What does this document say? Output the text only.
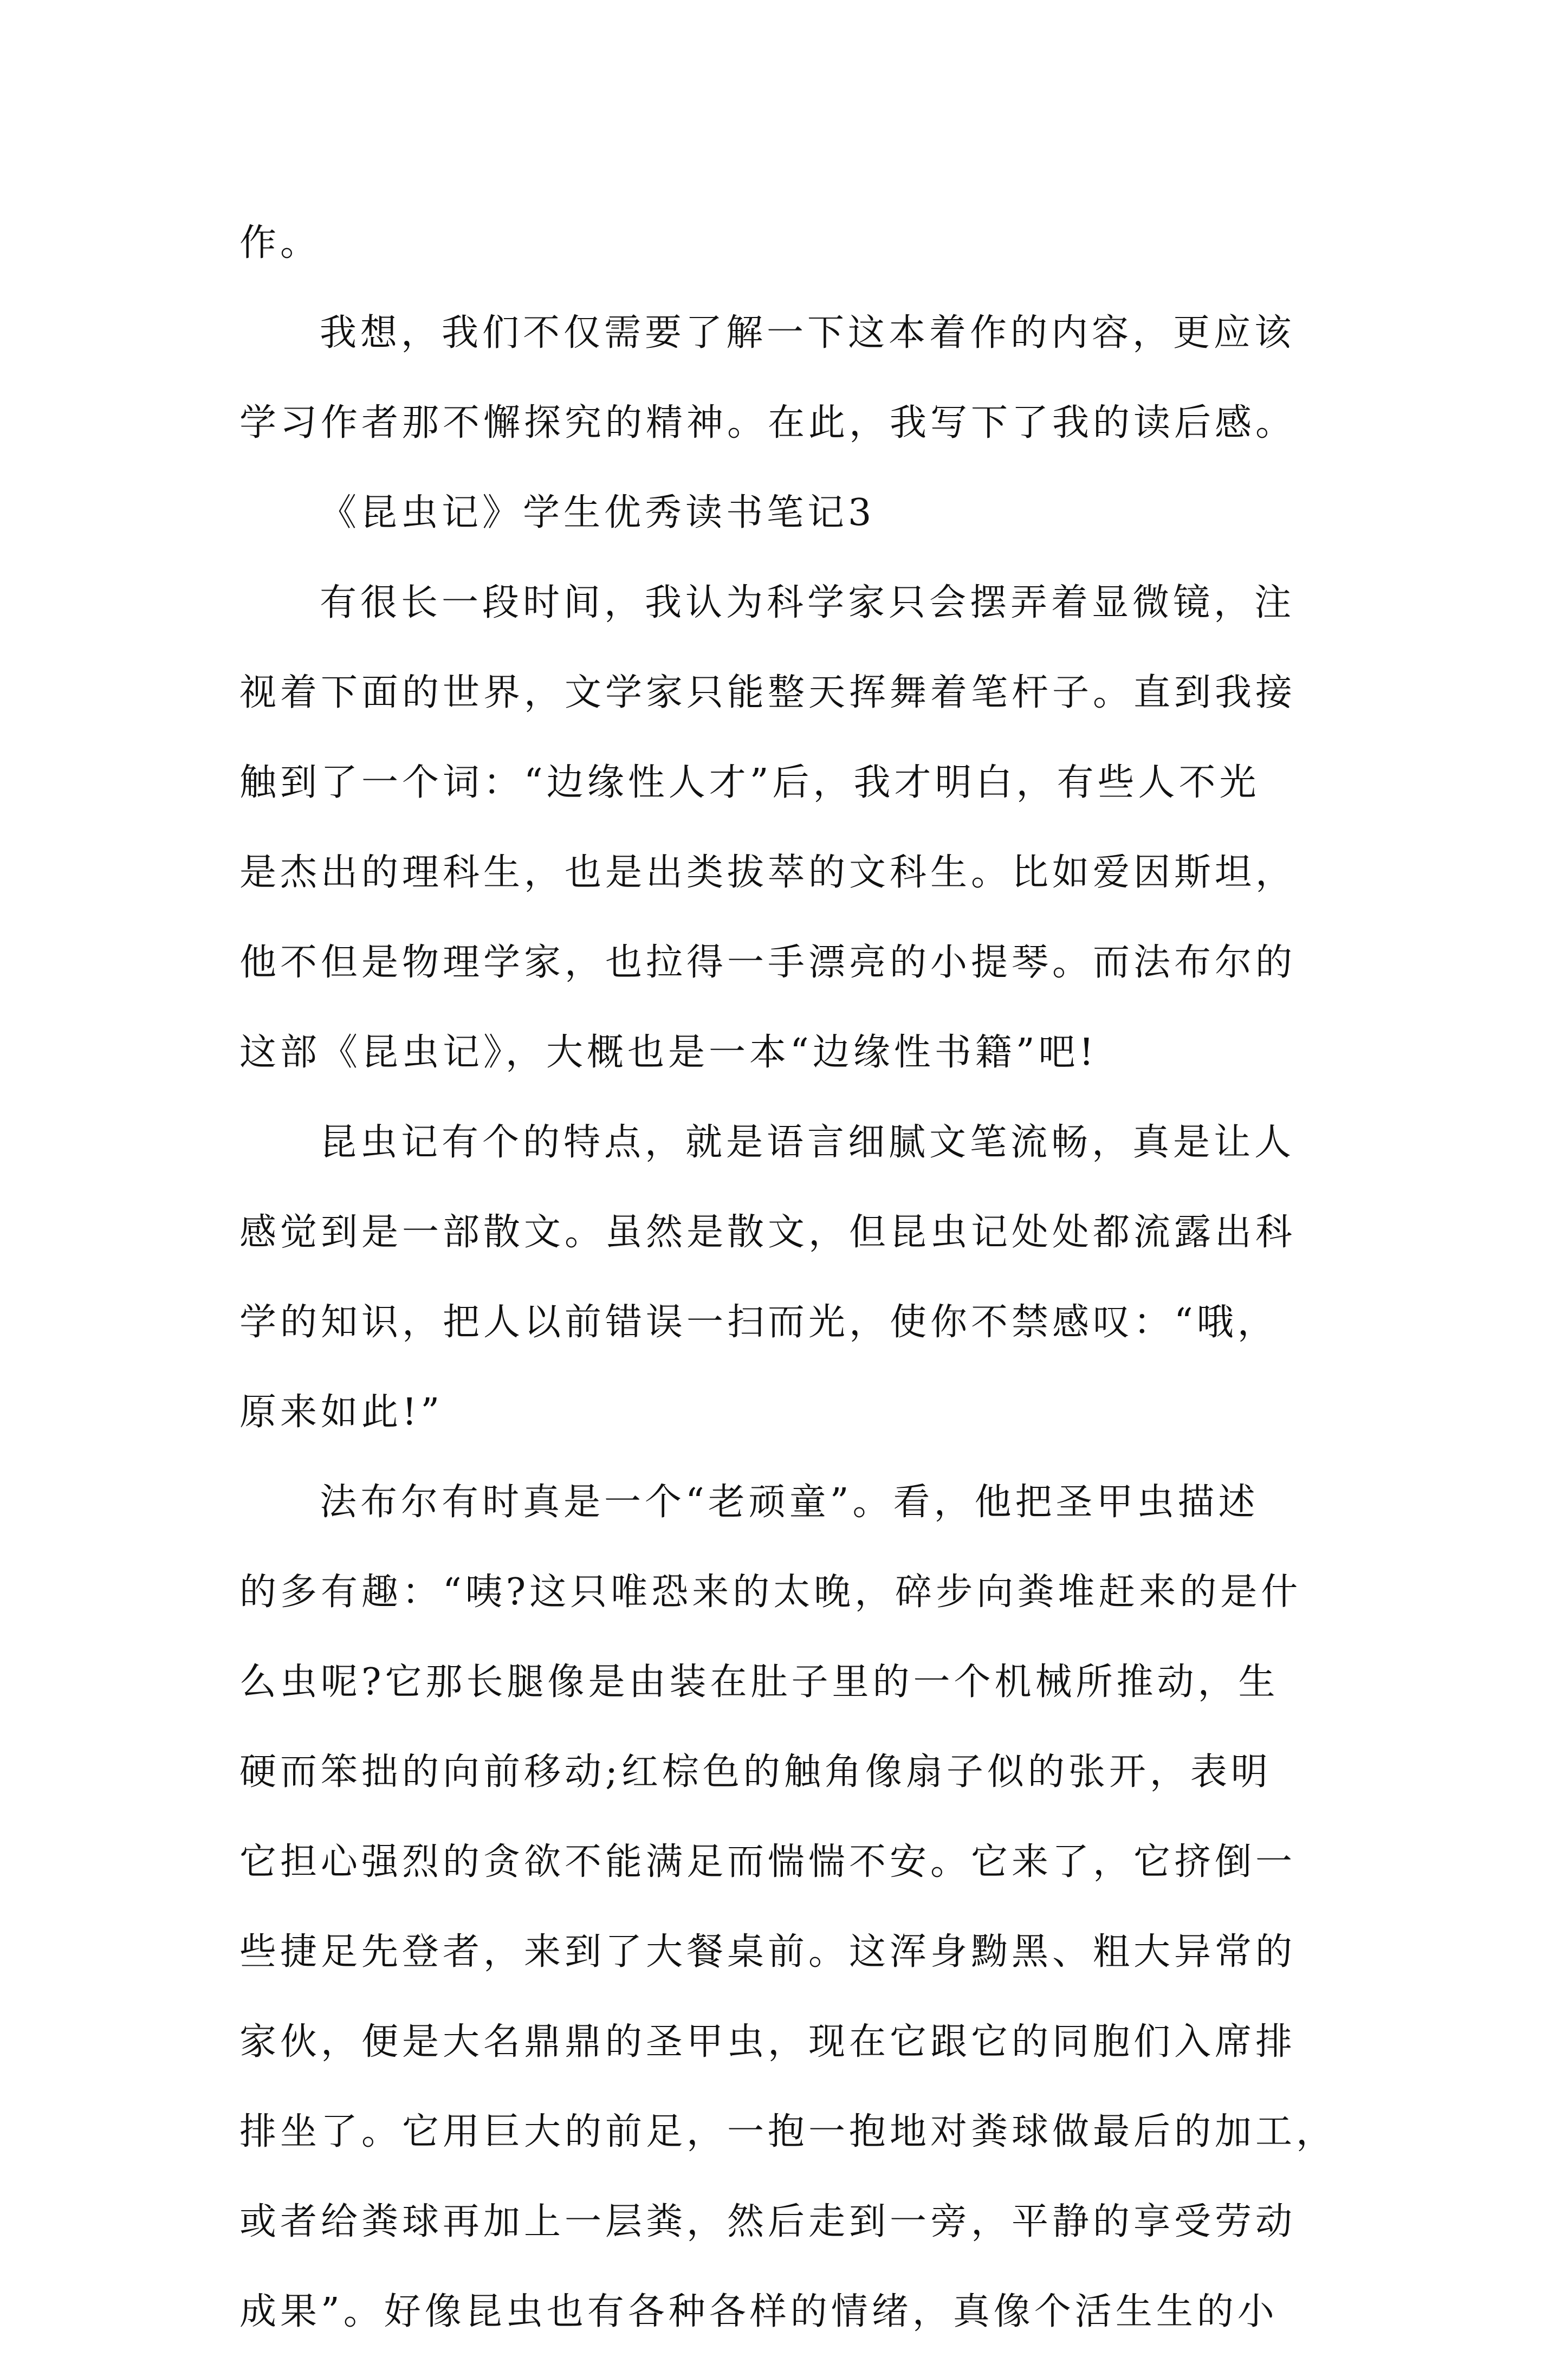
作。
我想，我们不仅需要了解一下这本着作的内容，更应该
学习作者那不懈探究的精神。在此，我写下了我的读后感。
《昆虫记》学生优秀读书笔记3
有很长一段时间，我认为科学家只会摆弄着显微镜，注
视着下面的世界，文学家只能整天挥舞着笔杆子。直到我接
触到了一个词：“边缘性人才”后，我才明白，有些人不光
是杰出的理科生，也是出类拔萃的文科生。比如爱因斯坦，
他不但是物理学家，也拉得一手漂亮的小提琴。而法布尔的
这部《昆虫记》，大概也是一本“边缘性书籍”吧!
昆虫记有个的特点，就是语言细腻文笔流畅，真是让人
感觉到是一部散文。虽然是散文，但昆虫记处处都流露出科
学的知识，把人以前错误一扫而光，使你不禁感叹：“哦，
原来如此!”
法布尔有时真是一个“老顽童”。看，他把圣甲虫描述
的多有趣：“咦?这只唯恐来的太晚，碎步向粪堆赶来的是什
么虫呢?它那长腿像是由装在肚子里的一个机械所推动，生
硬而笨拙的向前移动;红棕色的触角像扇子似的张开，表明
它担心强烈的贪欲不能满足而惴惴不安。它来了，它挤倒一
些捷足先登者，来到了大餐桌前。这浑身黝黑、粗大异常的
家伙，便是大名鼎鼎的圣甲虫，现在它跟它的同胞们入席排
排坐了。它用巨大的前足，一抱一抱地对粪球做最后的加工，
或者给粪球再加上一层粪，然后走到一旁，平静的享受劳动
成果”。好像昆虫也有各种各样的情绪，真像个活生生的小
